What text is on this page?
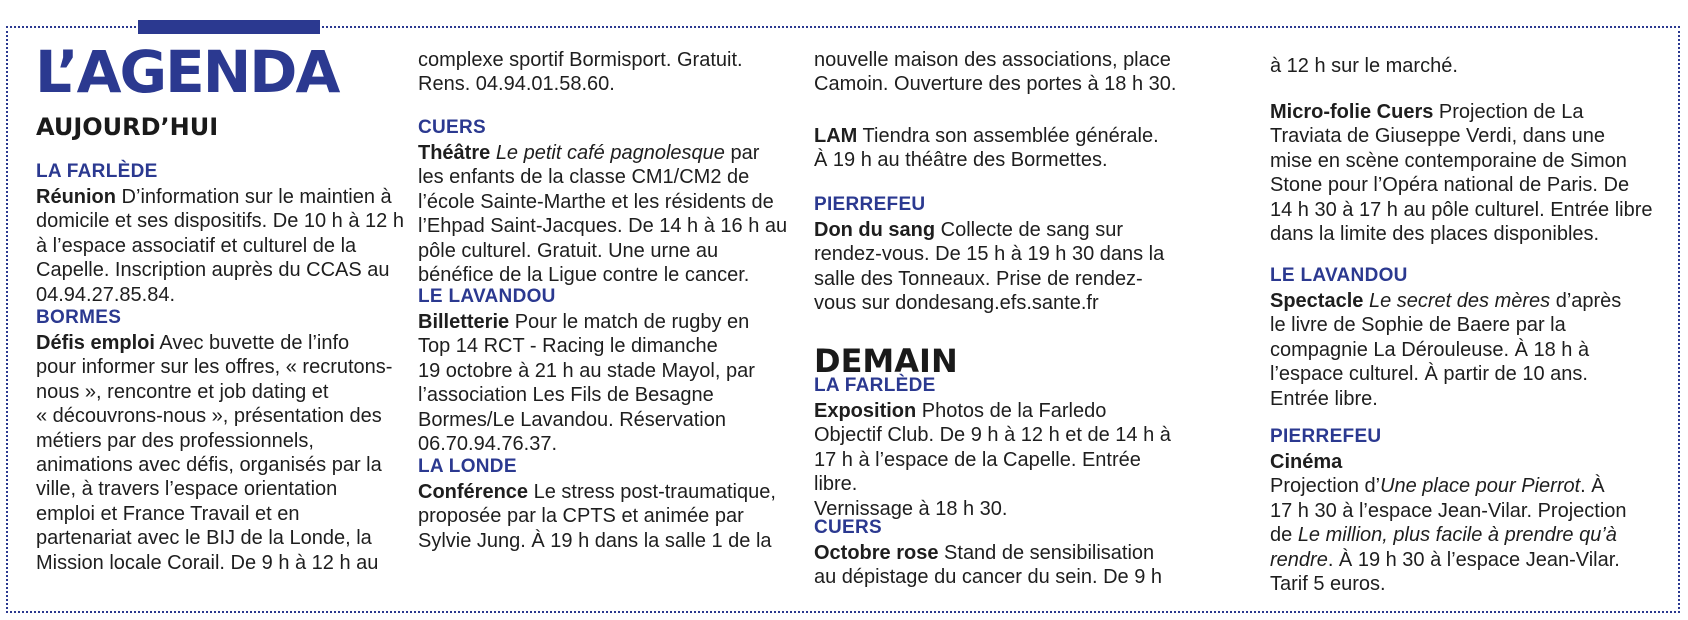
L’AGENDA
AUJOURD’HUI
LA FARLÈDE
Réunion D’information sur le maintien à
domicile et ses dispositifs. De 10 h à 12 h
à l’espace associatif et culturel de la
Capelle. Inscription auprès du CCAS au
04.94.27.85.84.
BORMES
Défis emploi Avec buvette de l’info
pour informer sur les offres, « recrutons-
nous », rencontre et job dating et
« découvrons-nous », présentation des
métiers par des professionnels,
animations avec défis, organisés par la
ville, à travers l’espace orientation
emploi et France Travail et en
partenariat avec le BIJ de la Londe, la
Mission locale Corail. De 9 h à 12 h au
complexe sportif Bormisport. Gratuit.
Rens. 04.94.01.58.60.
CUERS
Théâtre Le petit café pagnolesque par
les enfants de la classe CM1/CM2 de
l’école Sainte-Marthe et les résidents de
l’Ehpad Saint-Jacques. De 14 h à 16 h au
pôle culturel. Gratuit. Une urne au
bénéfice de la Ligue contre le cancer.
LE LAVANDOU
Billetterie Pour le match de rugby en
Top 14 RCT - Racing le dimanche
19 octobre à 21 h au stade Mayol, par
l’association Les Fils de Besagne
Bormes/Le Lavandou. Réservation
06.70.94.76.37.
LA LONDE
Conférence Le stress post-traumatique,
proposée par la CPTS et animée par
Sylvie Jung. À 19 h dans la salle 1 de la
nouvelle maison des associations, place
Camoin. Ouverture des portes à 18 h 30.
LAM Tiendra son assemblée générale.
À 19 h au théâtre des Bormettes.
PIERREFEU
Don du sang Collecte de sang sur
rendez-vous. De 15 h à 19 h 30 dans la
salle des Tonneaux. Prise de rendez-
vous sur dondesang.efs.sante.fr
DEMAIN
LA FARLÈDE
Exposition Photos de la Farledo
Objectif Club. De 9 h à 12 h et de 14 h à
17 h à l’espace de la Capelle. Entrée libre.
Vernissage à 18 h 30.
CUERS
Octobre rose Stand de sensibilisation
au dépistage du cancer du sein. De 9 h
à 12 h sur le marché.
Micro-folie Cuers Projection de La
Traviata de Giuseppe Verdi, dans une
mise en scène contemporaine de Simon
Stone pour l’Opéra national de Paris. De
14 h 30 à 17 h au pôle culturel. Entrée libre
dans la limite des places disponibles.
LE LAVANDOU
Spectacle Le secret des mères d’après
le livre de Sophie de Baere par la
compagnie La Dérouleuse. À 18 h à
l’espace culturel. À partir de 10 ans.
Entrée libre.
PIERREFEU
Cinéma
Projection d’Une place pour Pierrot. À
17 h 30 à l’espace Jean-Vilar. Projection
de Le million, plus facile à prendre qu’à
rendre. À 19 h 30 à l’espace Jean-Vilar.
Tarif 5 euros.
